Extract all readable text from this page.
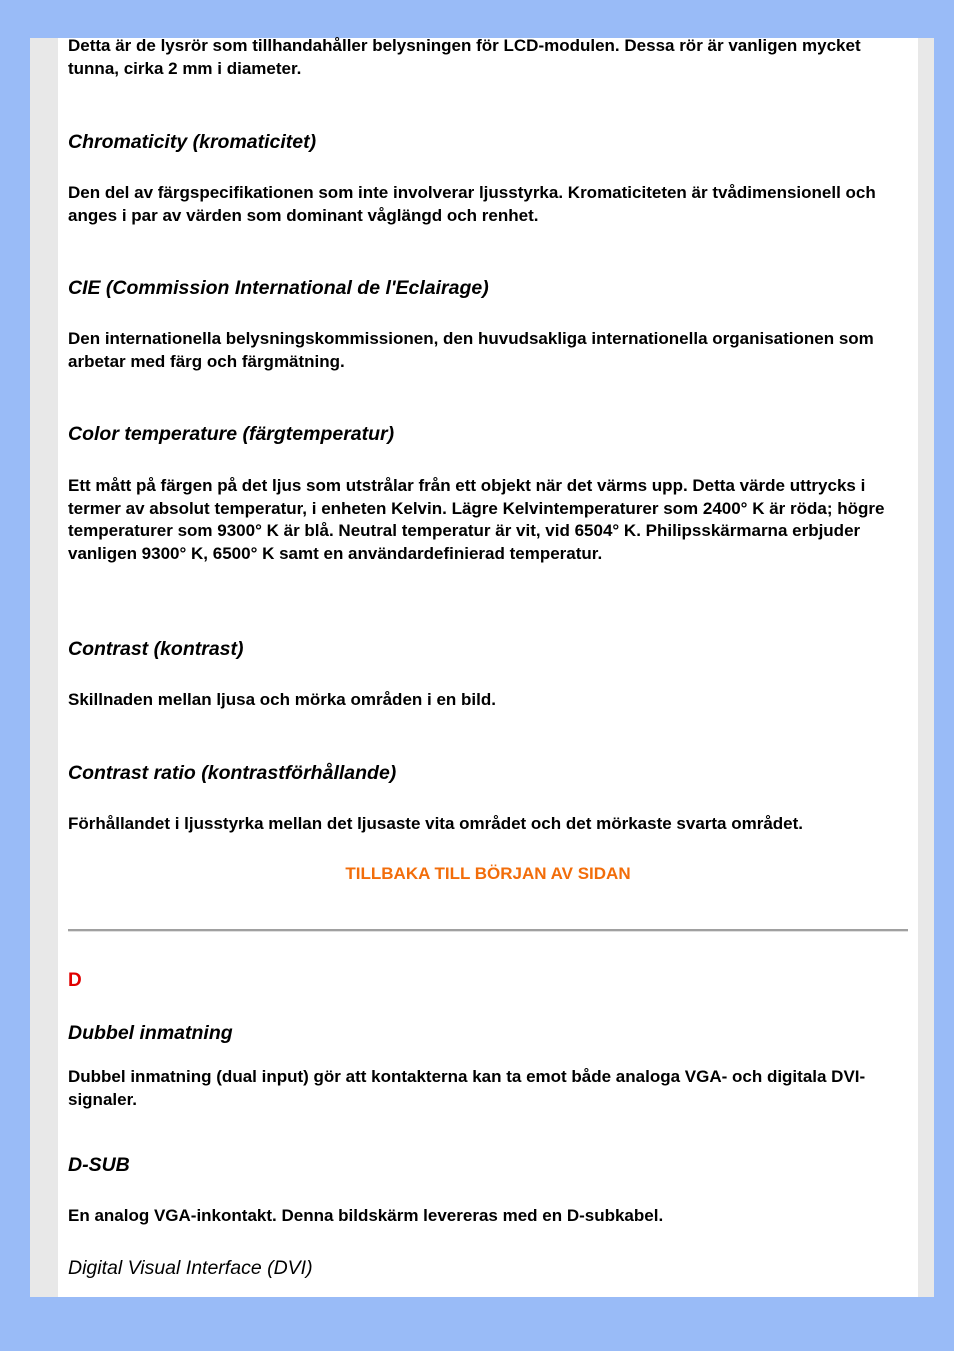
Detta är de lysrör som tillhandahåller belysningen för LCD-modulen. Dessa rör är vanligen mycket tunna, cirka 2 mm i diameter.

Chromaticity (kromaticitet)

Den del av färgspecifikationen som inte involverar ljusstyrka. Kromaticiteten är tvådimensionell och anges i par av värden som dominant våglängd och renhet.

CIE (Commission International de l'Eclairage)

Den internationella belysningskommissionen, den huvudsakliga internationella organisationen som arbetar med färg och färgmätning.

Color temperature (färgtemperatur)

Ett mått på färgen på det ljus som utstrålar från ett objekt när det värms upp. Detta värde uttrycks i termer av absolut temperatur, i enheten Kelvin. Lägre Kelvintemperaturer som 2400° K är röda; högre temperaturer som 9300° K är blå. Neutral temperatur är vit, vid 6504° K. Philipsskärmarna erbjuder vanligen 9300° K, 6500° K samt en användardefinierad temperatur.

Contrast (kontrast)

Skillnaden mellan ljusa och mörka områden i en bild.

Contrast ratio (kontrastförhållande)

Förhållandet i ljusstyrka mellan det ljusaste vita området och det mörkaste svarta området.

TILLBAKA TILL BÖRJAN AV SIDAN
D

Dubbel inmatning

Dubbel inmatning (dual input) gör att kontakterna kan ta emot både analoga VGA- och digitala DVI-signaler.

D-SUB

En analog VGA-inkontakt. Denna bildskärm levereras med en D-subkabel.

Digital Visual Interface (DVI)
